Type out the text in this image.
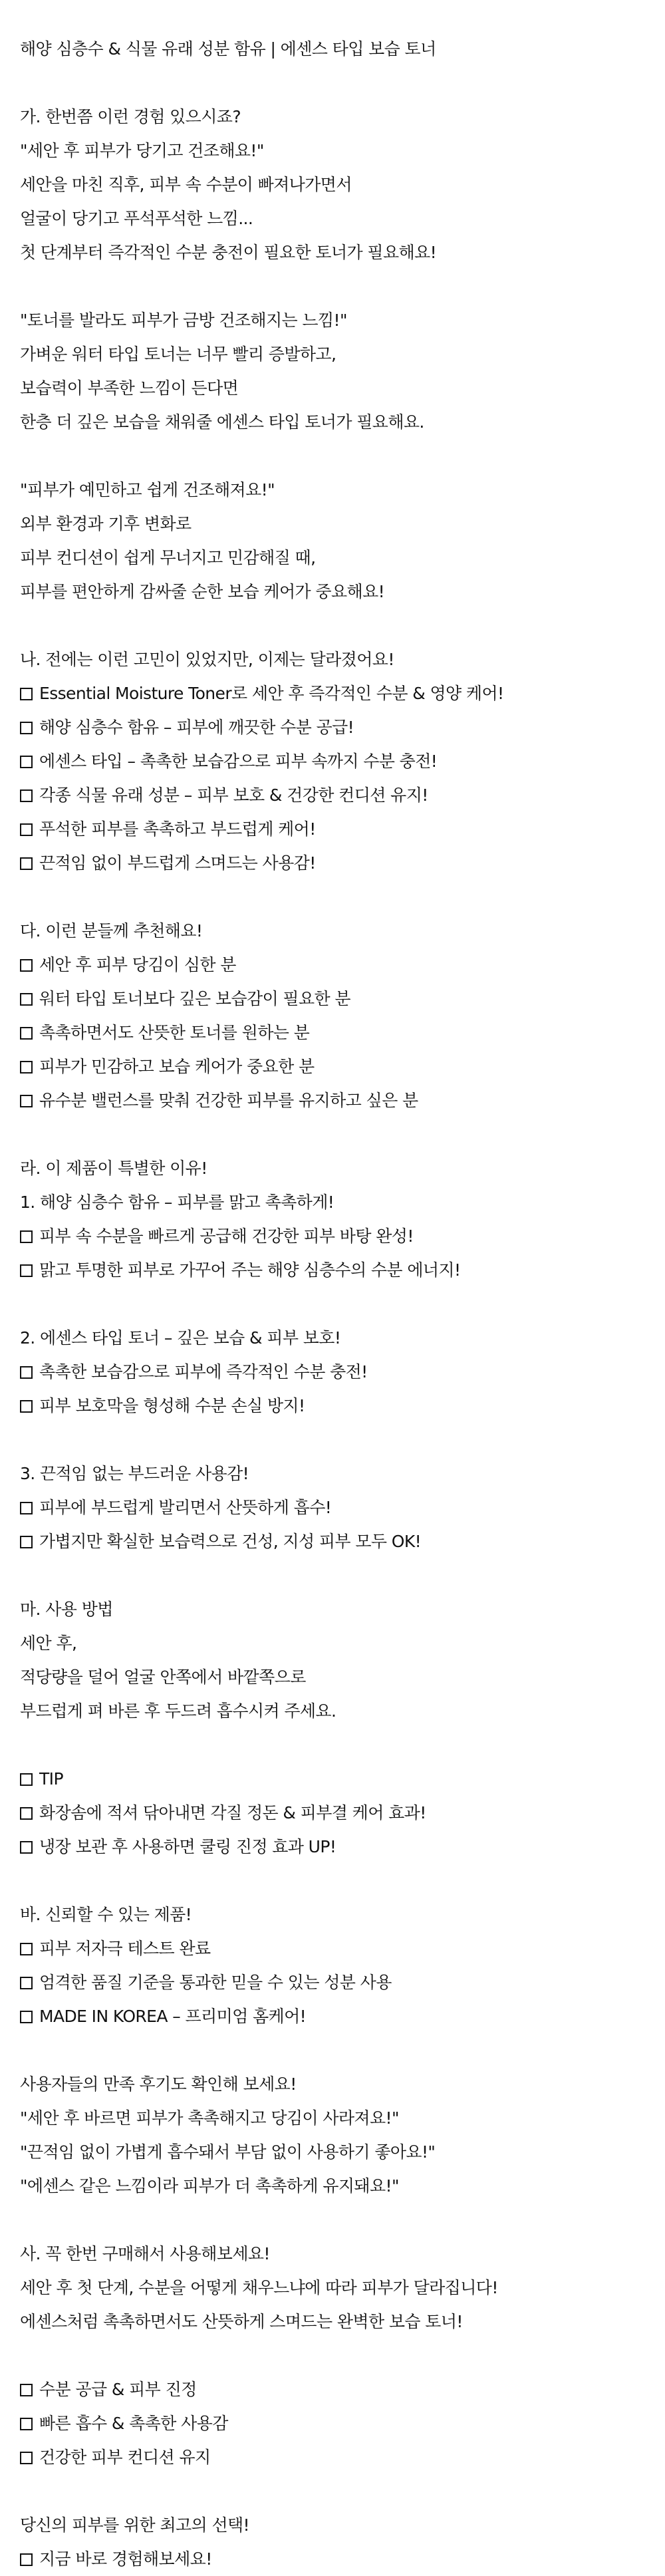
해양 심층수 & 식물 유래 성분 함유 | 에센스 타입 보습 토너
가. 한번쯤 이런 경험 있으시죠?
"세안 후 피부가 당기고 건조해요!"
세안을 마친 직후, 피부 속 수분이 빠져나가면서
얼굴이 당기고 푸석푸석한 느낌...
첫 단계부터 즉각적인 수분 충전이 필요한 토너가 필요해요!
"토너를 발라도 피부가 금방 건조해지는 느낌!"
가벼운 워터 타입 토너는 너무 빨리 증발하고,
보습력이 부족한 느낌이 든다면
한층 더 깊은 보습을 채워줄 에센스 타입 토너가 필요해요.
"피부가 예민하고 쉽게 건조해져요!"
외부 환경과 기후 변화로
피부 컨디션이 쉽게 무너지고 민감해질 때,
피부를 편안하게 감싸줄 순한 보습 케어가 중요해요!
나. 전에는 이런 고민이 있었지만, 이제는 달라졌어요!
Essential Moisture Toner로 세안 후 즉각적인 수분 & 영양 케어!
해양 심층수 함유 – 피부에 깨끗한 수분 공급!
에센스 타입 – 촉촉한 보습감으로 피부 속까지 수분 충전!
각종 식물 유래 성분 – 피부 보호 & 건강한 컨디션 유지!
푸석한 피부를 촉촉하고 부드럽게 케어!
끈적임 없이 부드럽게 스며드는 사용감!
다. 이런 분들께 추천해요!
세안 후 피부 당김이 심한 분
워터 타입 토너보다 깊은 보습감이 필요한 분
촉촉하면서도 산뜻한 토너를 원하는 분
피부가 민감하고 보습 케어가 중요한 분
유수분 밸런스를 맞춰 건강한 피부를 유지하고 싶은 분
라. 이 제품이 특별한 이유!
1. 해양 심층수 함유 – 피부를 맑고 촉촉하게!
피부 속 수분을 빠르게 공급해 건강한 피부 바탕 완성!
맑고 투명한 피부로 가꾸어 주는 해양 심층수의 수분 에너지!
2. 에센스 타입 토너 – 깊은 보습 & 피부 보호!
촉촉한 보습감으로 피부에 즉각적인 수분 충전!
피부 보호막을 형성해 수분 손실 방지!
3. 끈적임 없는 부드러운 사용감!
피부에 부드럽게 발리면서 산뜻하게 흡수!
가볍지만 확실한 보습력으로 건성, 지성 피부 모두 OK!
마. 사용 방법
세안 후,
적당량을 덜어 얼굴 안쪽에서 바깥쪽으로
부드럽게 펴 바른 후 두드려 흡수시켜 주세요.
TIP
화장솜에 적셔 닦아내면 각질 정돈 & 피부결 케어 효과!
냉장 보관 후 사용하면 쿨링 진정 효과 UP!
바. 신뢰할 수 있는 제품!
피부 저자극 테스트 완료
엄격한 품질 기준을 통과한 믿을 수 있는 성분 사용
MADE IN KOREA – 프리미엄 홈케어!
사용자들의 만족 후기도 확인해 보세요!
"세안 후 바르면 피부가 촉촉해지고 당김이 사라져요!"
"끈적임 없이 가볍게 흡수돼서 부담 없이 사용하기 좋아요!"
"에센스 같은 느낌이라 피부가 더 촉촉하게 유지돼요!"
사. 꼭 한번 구매해서 사용해보세요!
세안 후 첫 단계, 수분을 어떻게 채우느냐에 따라 피부가 달라집니다!
에센스처럼 촉촉하면서도 산뜻하게 스며드는 완벽한 보습 토너!
수분 공급 & 피부 진정
빠른 흡수 & 촉촉한 사용감
건강한 피부 컨디션 유지
당신의 피부를 위한 최고의 선택!
지금 바로 경험해보세요!
